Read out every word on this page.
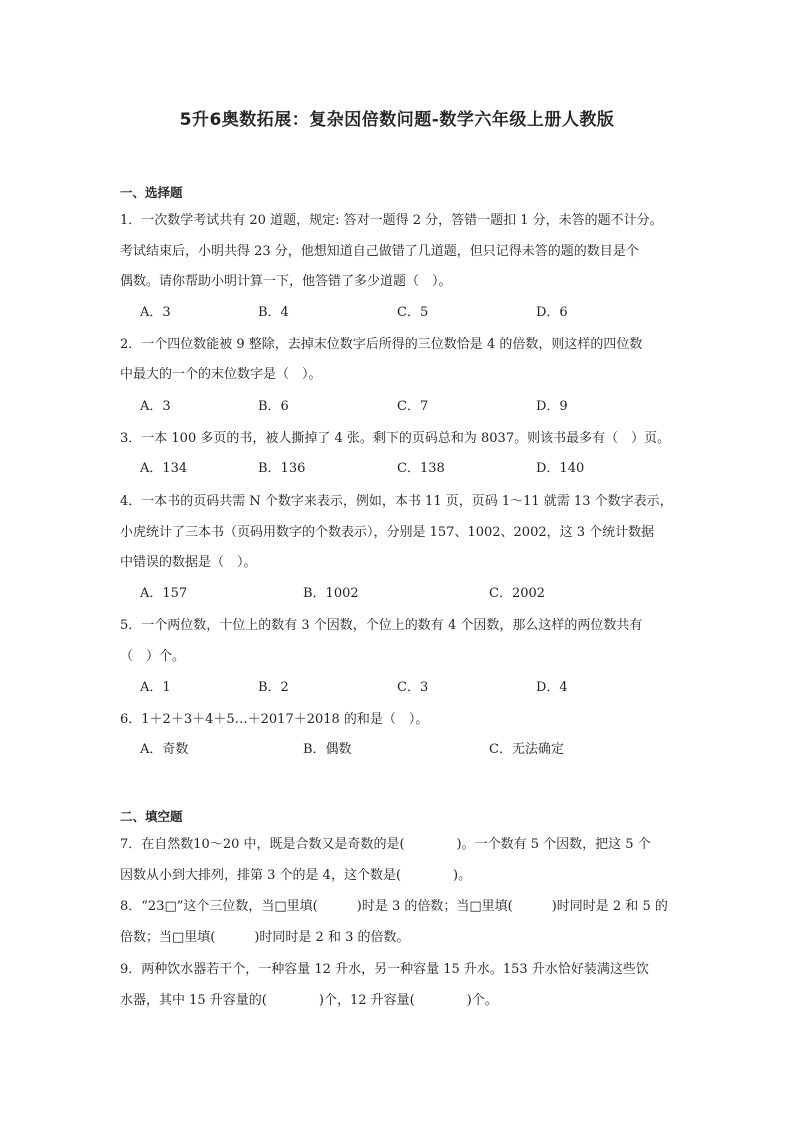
5升6奥数拓展：复杂因倍数问题-数学六年级上册人教版
一、选择题
1．一次数学考试共有 20 道题，规定: 答对一题得 2 分，答错一题扣 1 分，未答的题不计分。
考试结束后，小明共得 23 分，他想知道自己做错了几道题，但只记得未答的题的数目是个
偶数。请你帮助小明计算一下，他答错了多少道题（　）。
A．3	B．4	C．5	D．6
2．一个四位数能被 9 整除，去掉末位数字后所得的三位数恰是 4 的倍数，则这样的四位数
中最大的一个的末位数字是（　）。
A．3	B．6	C．7	D．9
3．一本 100 多页的书，被人撕掉了 4 张。剩下的页码总和为 8037。则该书最多有（　）页。
A．134	B．136	C．138	D．140
4．一本书的页码共需 N 个数字来表示，例如，本书 11 页，页码 1～11 就需 13 个数字表示，
小虎统计了三本书（页码用数字的个数表示），分别是 157、1002、2002，这 3 个统计数据
中错误的数据是（　）。
A．157	B．1002	C．2002
5．一个两位数，十位上的数有 3 个因数，个位上的数有 4 个因数，那么这样的两位数共有
（　）个。
A．1	B．2	C．3	D．4
6．1＋2＋3＋4＋5…＋2017＋2018 的和是（　）。
A．奇数	B．偶数	C．无法确定
二、填空题
7．在自然数10～20 中，既是合数又是奇数的是(　　　　)。一个数有 5 个因数，把这 5 个
因数从小到大排列，排第 3 个的是 4，这个数是(　　　　)。
8．“23□”这个三位数，当□里填(　　　)时是 3 的倍数；当□里填(　　　)时同时是 2 和 5 的
倍数；当□里填(　　　)时同时是 2 和 3 的倍数。
9．两种饮水器若干个，一种容量 12 升水，另一种容量 15 升水。153 升水恰好装满这些饮
水器，其中 15 升容量的(　　　　)个，12 升容量(　　　　)个。
